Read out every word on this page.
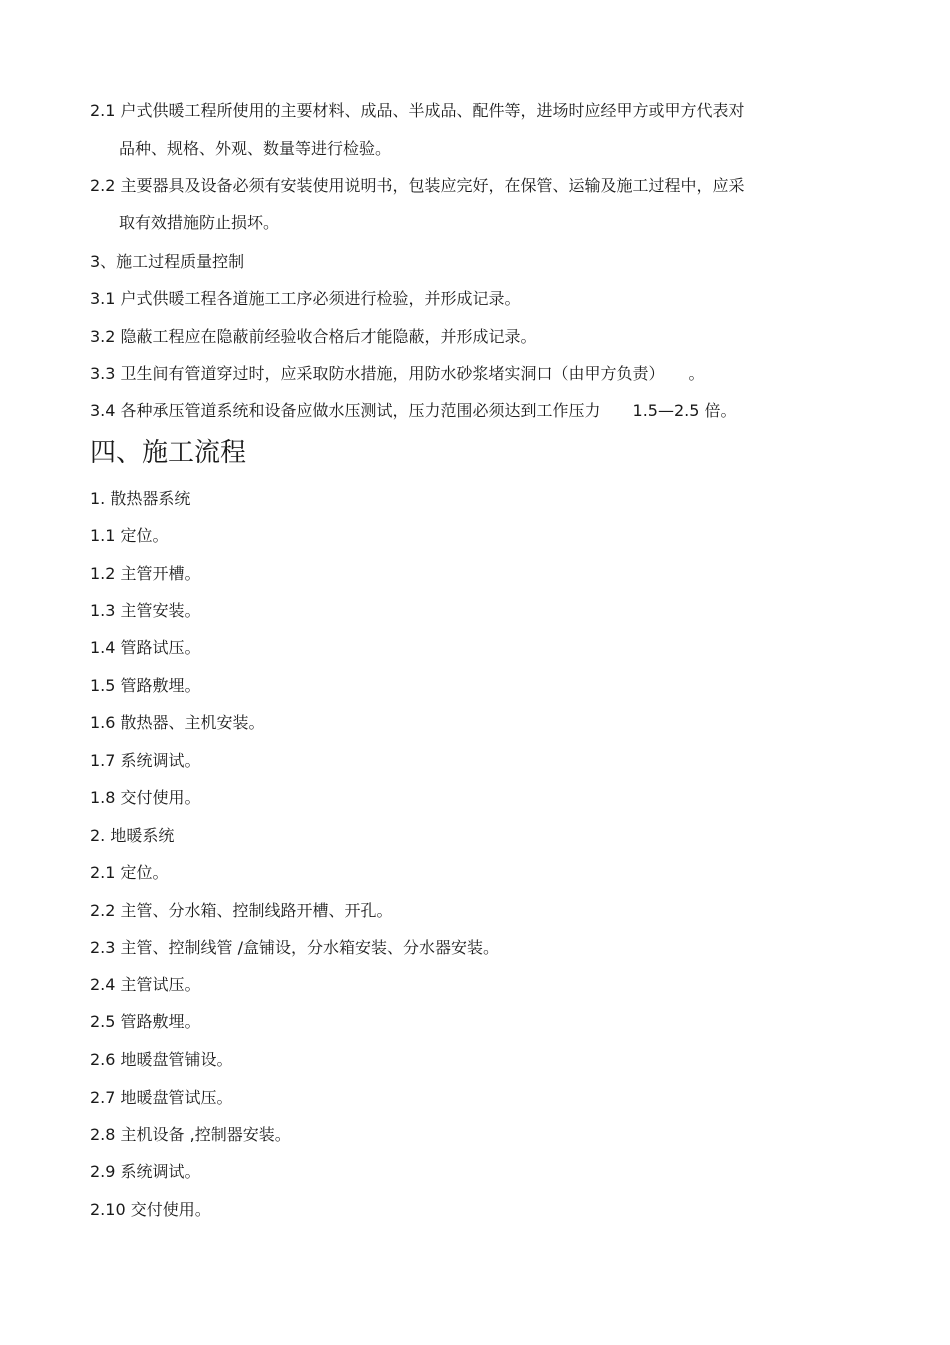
2.1 户式供暖工程所使用的主要材料、成品、半成品、配件等，进场时应经甲方或甲方代表对
品种、规格、外观、数量等进行检验。
2.2 主要器具及设备必须有安装使用说明书，包装应完好，在保管、运输及施工过程中，应采
取有效措施防止损坏。
3、施工过程质量控制
3.1 户式供暖工程各道施工工序必须进行检验，并形成记录。
3.2 隐蔽工程应在隐蔽前经验收合格后才能隐蔽，并形成记录。
3.3 卫生间有管道穿过时，应采取防水措施，用防水砂浆堵实洞口（由甲方负责）　　。
3.4 各种承压管道系统和设备应做水压测试，压力范围必须达到工作压力　　1.5—2.5 倍。
四、施工流程
1. 散热器系统
1.1 定位。
1.2 主管开槽。
1.3 主管安装。
1.4 管路试压。
1.5 管路敷埋。
1.6 散热器、主机安装。
1.7 系统调试。
1.8 交付使用。
2. 地暖系统
2.1 定位。
2.2 主管、分水箱、控制线路开槽、开孔。
2.3 主管、控制线管 /盒铺设，分水箱安装、分水器安装。
2.4 主管试压。
2.5 管路敷埋。
2.6 地暖盘管铺设。
2.7 地暖盘管试压。
2.8 主机设备 ,控制器安装。
2.9 系统调试。
2.10 交付使用。
